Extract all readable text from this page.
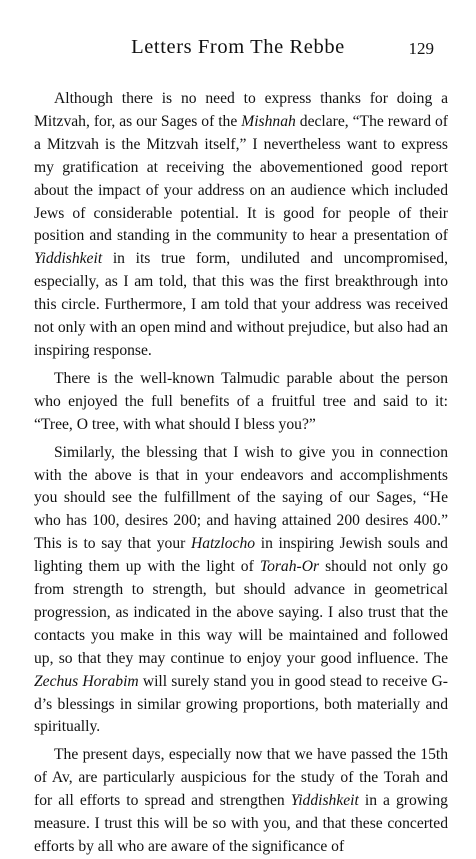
Letters From The Rebbe	129

Although there is no need to express thanks for doing a Mitzvah, for, as our Sages of the Mishnah declare, “The reward of a Mitzvah is the Mitzvah itself,” I nevertheless want to express my gratification at receiving the abovementioned good report about the impact of your address on an audience which included Jews of considerable potential. It is good for people of their position and standing in the community to hear a presentation of Yiddishkeit in its true form, undiluted and uncompromised, especially, as I am told, that this was the first breakthrough into this circle. Furthermore, I am told that your address was received not only with an open mind and without prejudice, but also had an inspiring response.

There is the well-known Talmudic parable about the person who enjoyed the full benefits of a fruitful tree and said to it: “Tree, O tree, with what should I bless you?”

Similarly, the blessing that I wish to give you in connection with the above is that in your endeavors and accomplishments you should see the fulfillment of the saying of our Sages, “He who has 100, desires 200; and having attained 200 desires 400.” This is to say that your Hatzlocho in inspiring Jewish souls and lighting them up with the light of Torah-Or should not only go from strength to strength, but should advance in geometrical progression, as indicated in the above saying. I also trust that the contacts you make in this way will be maintained and followed up, so that they may continue to enjoy your good influence. The Zechus Horabim will surely stand you in good stead to receive G-d’s blessings in similar growing proportions, both materially and spiritually.

The present days, especially now that we have passed the 15th of Av, are particularly auspicious for the study of the Torah and for all efforts to spread and strengthen Yiddishkeit in a growing measure. I trust this will be so with you, and that these concerted efforts by all who are aware of the significance of
